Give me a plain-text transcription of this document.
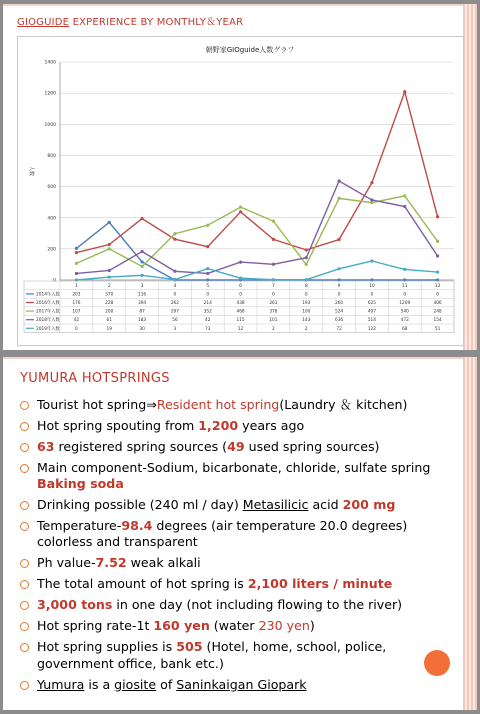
GIOGUIDE EXPERIENCE BY MONTHLY＆YEAR
朝野家GIOguide人数グラフ
人数
0
200
400
600
800
1000
1200
1400
1	2	3	4	5	6	7	8	9	10	11	12
2014年入数	203	370	116	0	0	0	0	0	0	0	0	0
2016年入数	176	228	394	262	214	438	261	193	260	625	1209	406
2017年入数	107	200	87	297	352	468	378	100	524	497	540	248
2018年入数	42	61	183	56	42	115	101	143	636	514	472	154
2019年入数	0	19	30	3	73	12	2	2	72	122	68	51
YUMURA HOTSPRINGS
Tourist hot spring⇒Resident hot spring(Laundry ＆ kitchen)
Hot spring spouting from 1,200 years ago
63 registered spring sources (49 used spring sources)
Main component-Sodium, bicarbonate, chloride, sulfate spring Baking soda
Drinking possible (240 ml / day) Metasilicic acid 200 mg
Temperature-98.4 degrees (air temperature 20.0 degrees) colorless and transparent
Ph value-7.52 weak alkali
The total amount of hot spring is 2,100 liters / minute
3,000 tons in one day (not including flowing to the river)
Hot spring rate-1t 160 yen (water 230 yen)
Hot spring supplies is 505 (Hotel, home, school, police, government office, bank etc.)
Yumura is a giosite of Saninkaigan Giopark
